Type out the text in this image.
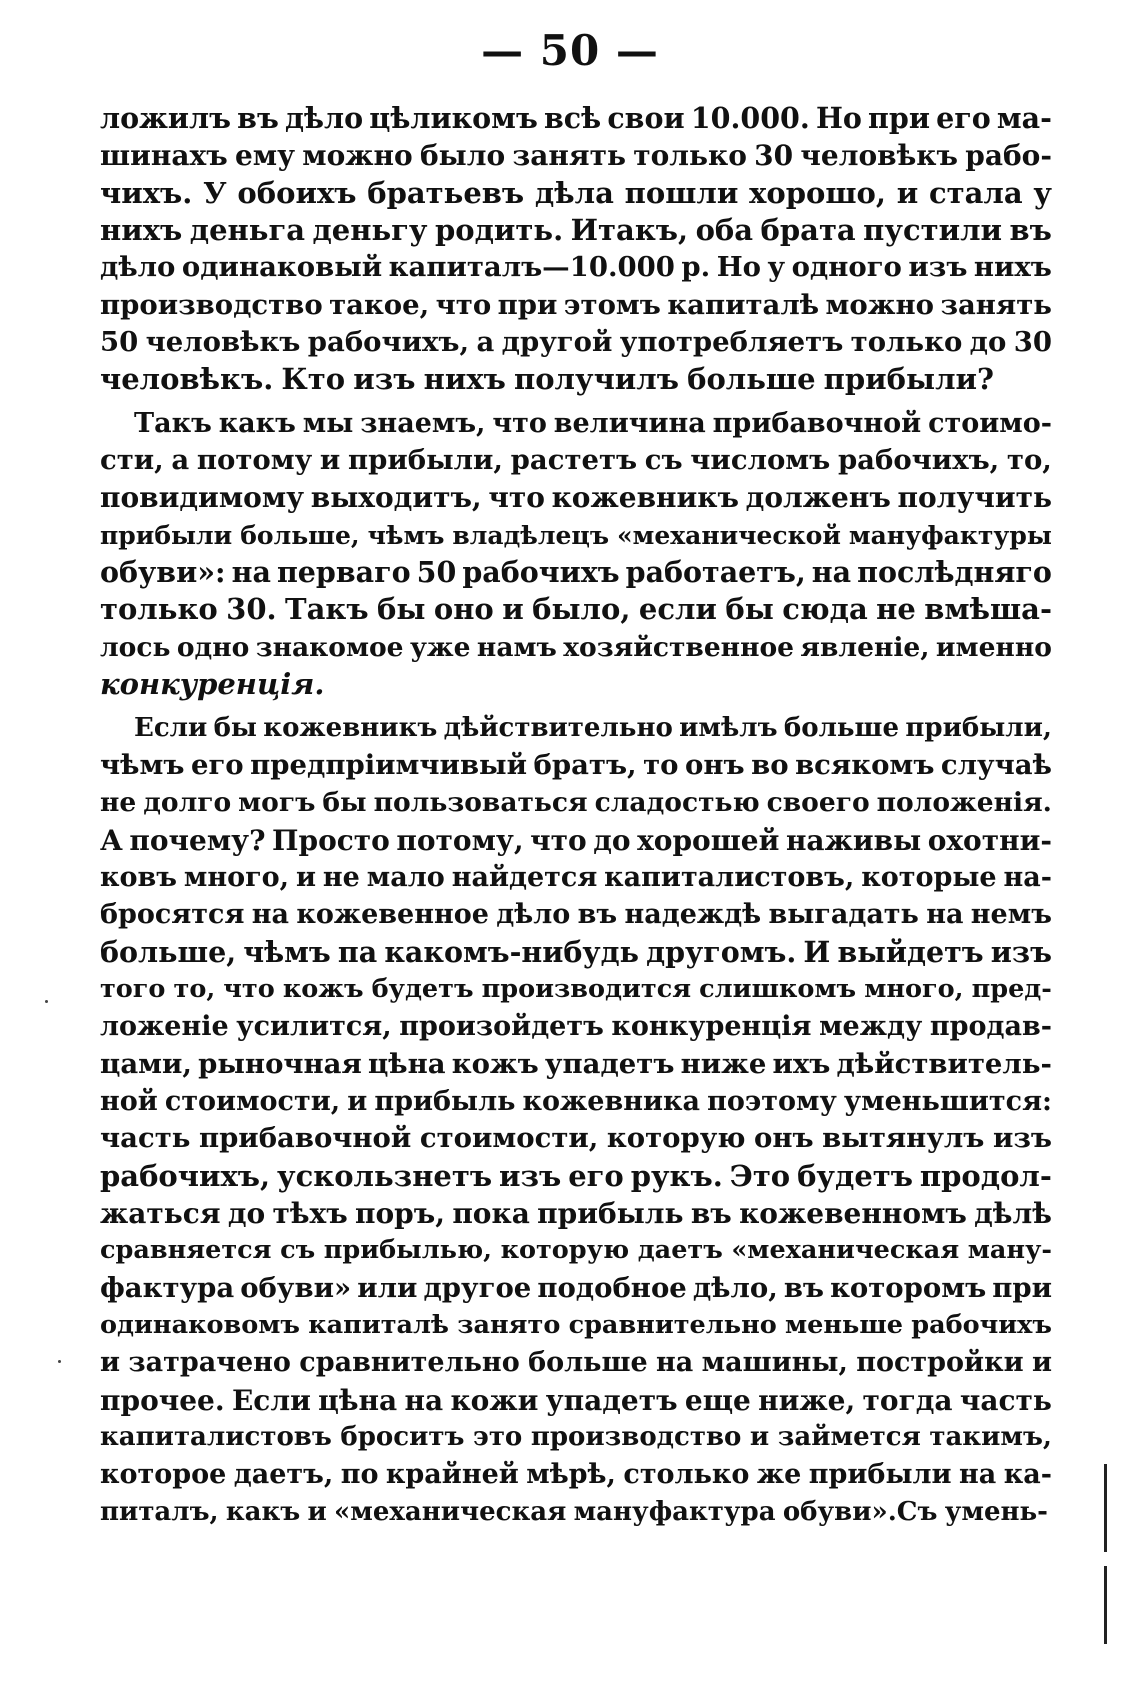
— 50 —
ложилъ въ дѣло цѣликомъ всѣ свои 10.000. Но при его ма-
шинахъ ему можно было занять только 30 человѣкъ рабо-
чихъ. У обоихъ братьевъ дѣла пошли хорошо, и стала у
нихъ деньга деньгу родить. Итакъ, оба брата пустили въ
дѣло одинаковый капиталъ—10.000 р. Но у одного изъ нихъ
производство такое, что при этомъ капиталѣ можно занять
50 человѣкъ рабочихъ, а другой употребляетъ только до 30
человѣкъ. Кто изъ нихъ получилъ больше прибыли?
Такъ какъ мы знаемъ, что величина прибавочной стоимо-
сти, а потому и прибыли, растетъ съ числомъ рабочихъ, то,
повидимому выходитъ, что кожевникъ долженъ получить
прибыли больше, чѣмъ владѣлецъ «механической мануфактуры
обуви»: на перваго 50 рабочихъ работаетъ, на послѣдняго
только 30. Такъ бы оно и было, если бы сюда не вмѣша-
лось одно знакомое уже намъ хозяйственное явленіе, именно
конкуренція.
Если бы кожевникъ дѣйствительно имѣлъ больше прибыли,
чѣмъ его предпріимчивый братъ, то онъ во всякомъ случаѣ
не долго могъ бы пользоваться сладостью своего положенія.
А почему? Просто потому, что до хорошей наживы охотни-
ковъ много, и не мало найдется капиталистовъ, которые на-
бросятся на кожевенное дѣло въ надеждѣ выгадать на немъ
больше, чѣмъ па какомъ-нибудь другомъ. И выйдетъ изъ
того то, что кожъ будетъ производится слишкомъ много, пред-
ложеніе усилится, произойдетъ конкуренція между продав-
цами, рыночная цѣна кожъ упадетъ ниже ихъ дѣйствитель-
ной стоимости, и прибыль кожевника поэтому уменьшится:
часть прибавочной стоимости, которую онъ вытянулъ изъ
рабочихъ, ускользнетъ изъ его рукъ. Это будетъ продол-
жаться до тѣхъ поръ, пока прибыль въ кожевенномъ дѣлѣ
сравняется съ прибылью, которую даетъ «механическая ману-
фактура обуви» или другое подобное дѣло, въ которомъ при
одинаковомъ капиталѣ занято сравнительно меньше рабочихъ
и затрачено сравнительно больше на машины, постройки и
прочее. Если цѣна на кожи упадетъ еще ниже, тогда часть
капиталистовъ броситъ это производство и займется такимъ,
которое даетъ, по крайней мѣрѣ, столько же прибыли на ка-
питалъ, какъ и «механическая мануфактура обуви».Съ умень-
